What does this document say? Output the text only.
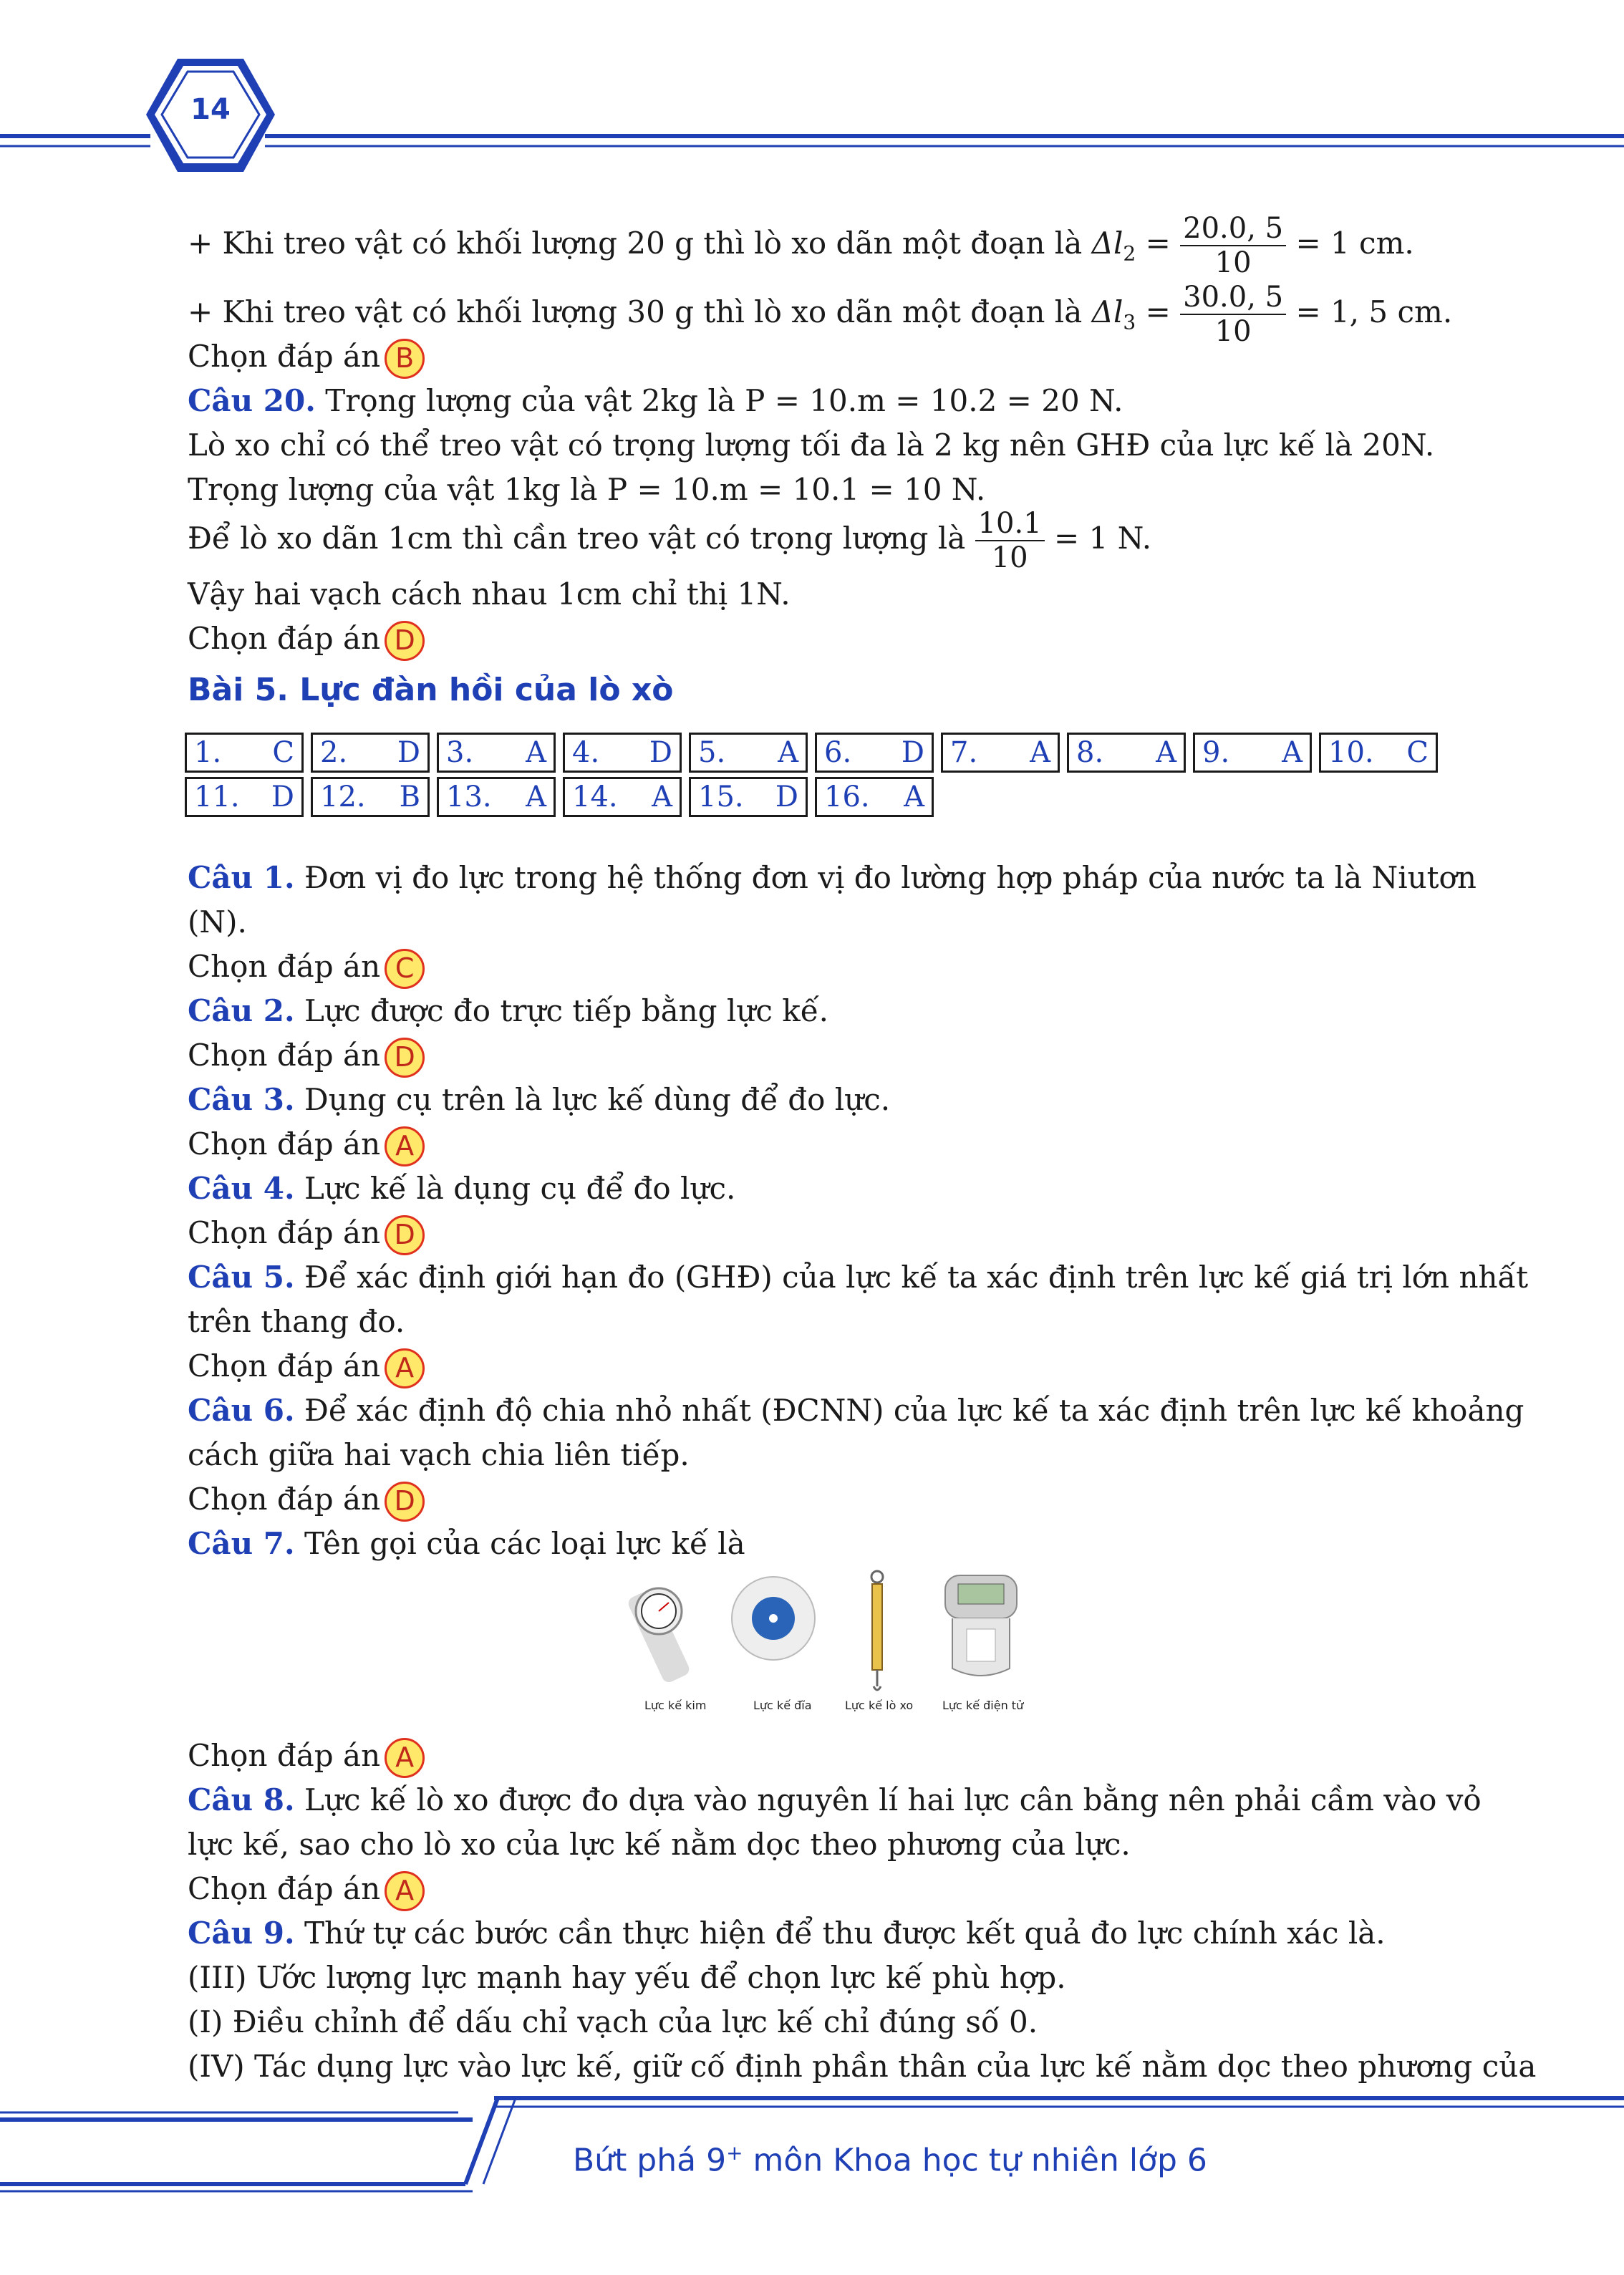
14
+ Khi treo vật có khối lượng 20 g thì lò xo dãn một đoạn là $\Delta l_2 = \frac{20.0, 5}{10} = 1$ cm.
+ Khi treo vật có khối lượng 30 g thì lò xo dãn một đoạn là $\Delta l_3 = \frac{30.0, 5}{10} = 1$, 5 cm.
Chọn đáp án B
Câu 20. Trọng lượng của vật 2kg là P = 10.m = 10.2 = 20 N.
Lò xo chỉ có thể treo vật có trọng lượng tối đa là 2 kg nên GHĐ của lực kế là 20N.
Trọng lượng của vật 1kg là P = 10.m = 10.1 = 10 N.
Để lò xo dãn 1cm thì cần treo vật có trọng lượng là $\frac{10.1}{10} = 1$ N.
Vậy hai vạch cách nhau 1cm chỉ thị 1N.
Chọn đáp án D
Bài 5. Lực đàn hồi của lò xò
1. C	2. D	3. A	4. D	5. A	6. D	7. A	8. A	9. A	10. C

11. D	12. B	13. A	14. A	15. D	16. A				
Câu 1. Đơn vị đo lực trong hệ thống đơn vị đo lường hợp pháp của nước ta là Niutơn
(N).
Chọn đáp án C
Câu 2. Lực được đo trực tiếp bằng lực kế.
Chọn đáp án D
Câu 3. Dụng cụ trên là lực kế dùng để đo lực.
Chọn đáp án A
Câu 4. Lực kế là dụng cụ để đo lực.
Chọn đáp án D
Câu 5. Để xác định giới hạn đo (GHĐ) của lực kế ta xác định trên lực kế giá trị lớn nhất
trên thang đo.
Chọn đáp án A
Câu 6. Để xác định độ chia nhỏ nhất (ĐCNN) của lực kế ta xác định trên lực kế khoảng
cách giữa hai vạch chia liên tiếp.
Chọn đáp án D
Câu 7. Tên gọi của các loại lực kế là
Lực kế kim	Lực kế đĩa	Lực kế lò xo	Lực kế điện tử
Chọn đáp án A
Câu 8. Lực kế lò xo được đo dựa vào nguyên lí hai lực cân bằng nên phải cầm vào vỏ
lực kế, sao cho lò xo của lực kế nằm dọc theo phương của lực.
Chọn đáp án A
Câu 9. Thứ tự các bước cần thực hiện để thu được kết quả đo lực chính xác là.
(III) Ước lượng lực mạnh hay yếu để chọn lực kế phù hợp.
(I) Điều chỉnh để dấu chỉ vạch của lực kế chỉ đúng số 0.
(IV) Tác dụng lực vào lực kế, giữ cố định phần thân của lực kế nằm dọc theo phương của
Bứt phá 9+ môn Khoa học tự nhiên lớp 6
